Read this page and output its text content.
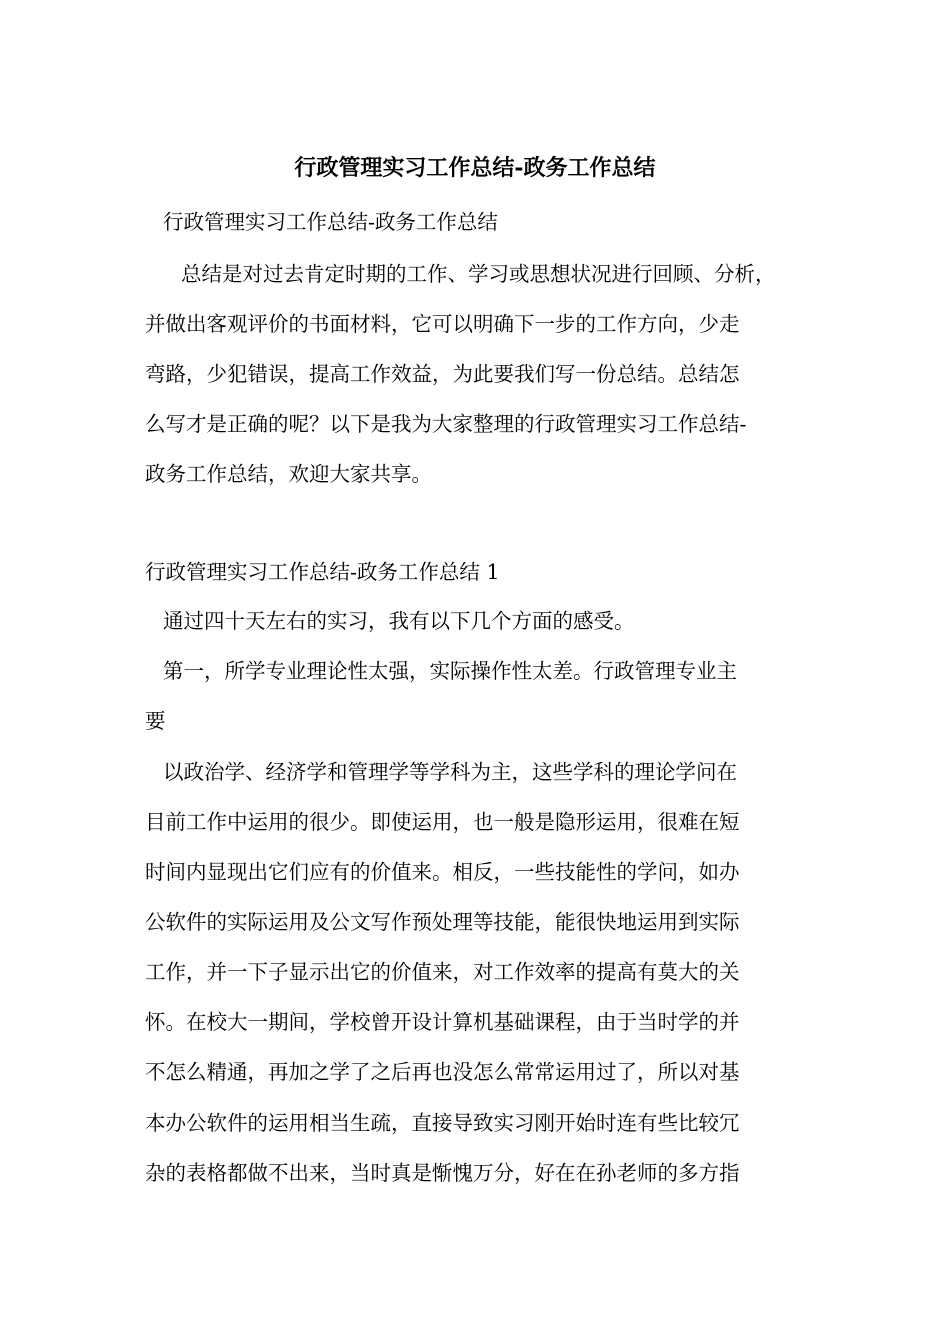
行政管理实习工作总结-政务工作总结
行政管理实习工作总结-政务工作总结
总结是对过去肯定时期的工作、学习或思想状况进行回顾、分析，
并做出客观评价的书面材料，它可以明确下一步的工作方向，少走
弯路，少犯错误，提高工作效益，为此要我们写一份总结。总结怎
么写才是正确的呢？以下是我为大家整理的行政管理实习工作总结-
政务工作总结，欢迎大家共享。
行政管理实习工作总结-政务工作总结 1
通过四十天左右的实习，我有以下几个方面的感受。
第一，所学专业理论性太强，实际操作性太差。行政管理专业主
要
以政治学、经济学和管理学等学科为主，这些学科的理论学问在
目前工作中运用的很少。即使运用，也一般是隐形运用，很难在短
时间内显现出它们应有的价值来。相反，一些技能性的学问，如办
公软件的实际运用及公文写作预处理等技能，能很快地运用到实际
工作，并一下子显示出它的价值来，对工作效率的提高有莫大的关
怀。在校大一期间，学校曾开设计算机基础课程，由于当时学的并
不怎么精通，再加之学了之后再也没怎么常常运用过了，所以对基
本办公软件的运用相当生疏，直接导致实习刚开始时连有些比较冗
杂的表格都做不出来，当时真是惭愧万分，好在在孙老师的多方指
